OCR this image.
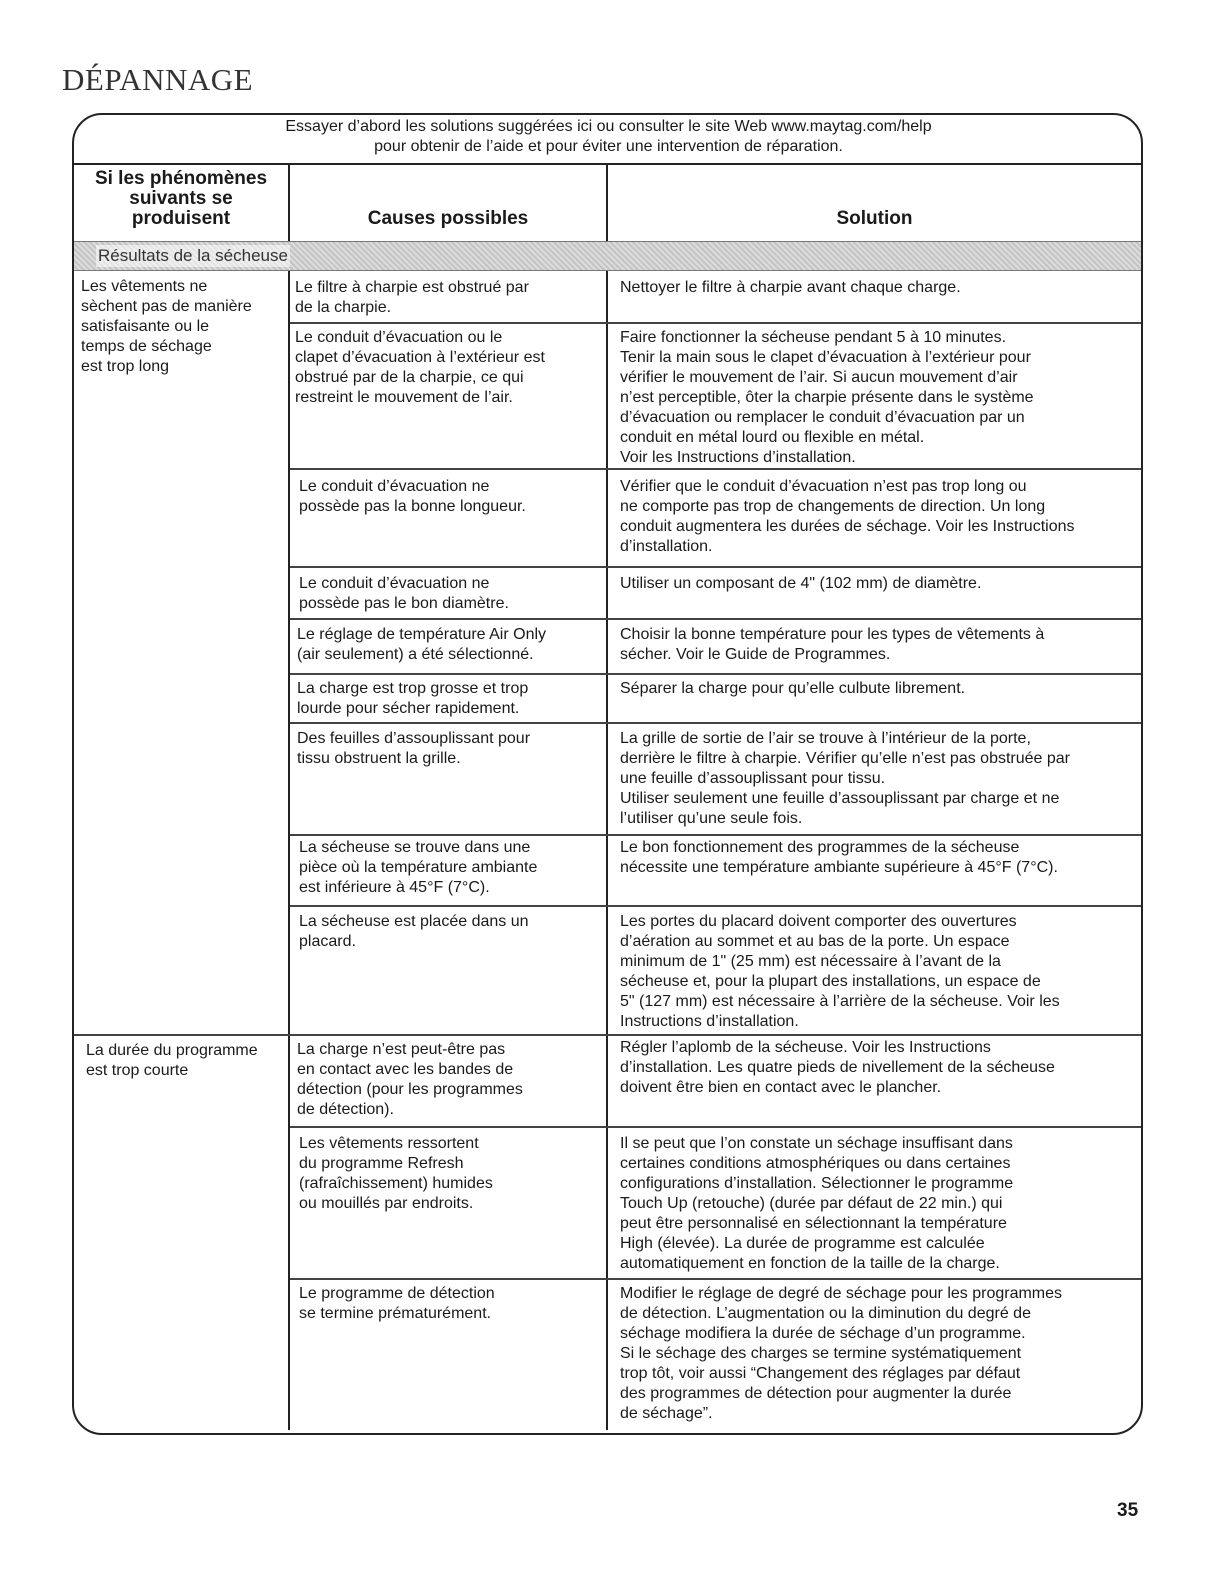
DÉPANNAGE
Essayer d’abord les solutions suggérées ici ou consulter le site Web www.maytag.com/help
pour obtenir de l’aide et pour éviter une intervention de réparation.
Si les phénomènes
suivants se
produisent	Causes possibles	Solution
Résultats de la sécheuse
Les vêtements ne
sèchent pas de manière
satisfaisante ou le
temps de séchage
est trop long
La durée du programme
est trop courte
Le filtre à charpie est obstrué par
de la charpie.
Le conduit d’évacuation ou le
clapet d’évacuation à l’extérieur est
obstrué par de la charpie, ce qui
restreint le mouvement de l’air.
Le conduit d’évacuation ne
possède pas la bonne longueur.
Le conduit d’évacuation ne
possède pas le bon diamètre.
Le réglage de température Air Only
(air seulement) a été sélectionné.
La charge est trop grosse et trop
lourde pour sécher rapidement.
Des feuilles d’assouplissant pour
tissu obstruent la grille.
La sécheuse se trouve dans une
pièce où la température ambiante
est inférieure à 45°F (7°C).
La sécheuse est placée dans un
placard.
La charge n’est peut-être pas
en contact avec les bandes de
détection (pour les programmes
de détection).
Les vêtements ressortent
du programme Refresh
(rafraîchissement) humides
ou mouillés par endroits.
Le programme de détection
se termine prématurément.
Nettoyer le filtre à charpie avant chaque charge.
Faire fonctionner la sécheuse pendant 5 à 10 minutes.
Tenir la main sous le clapet d’évacuation à l’extérieur pour
vérifier le mouvement de l’air. Si aucun mouvement d’air
n’est perceptible, ôter la charpie présente dans le système
d’évacuation ou remplacer le conduit d’évacuation par un
conduit en métal lourd ou flexible en métal.
Voir les Instructions d’installation.
Vérifier que le conduit d’évacuation n’est pas trop long ou
ne comporte pas trop de changements de direction. Un long
conduit augmentera les durées de séchage. Voir les Instructions
d’installation.
Utiliser un composant de 4" (102 mm) de diamètre.
Choisir la bonne température pour les types de vêtements à
sécher. Voir le Guide de Programmes.
Séparer la charge pour qu’elle culbute librement.
La grille de sortie de l’air se trouve à l’intérieur de la porte,
derrière le filtre à charpie. Vérifier qu’elle n’est pas obstruée par
une feuille d’assouplissant pour tissu.
Utiliser seulement une feuille d’assouplissant par charge et ne
l’utiliser qu’une seule fois.
Le bon fonctionnement des programmes de la sécheuse
nécessite une température ambiante supérieure à 45°F (7°C).
Les portes du placard doivent comporter des ouvertures
d’aération au sommet et au bas de la porte. Un espace
minimum de 1" (25 mm) est nécessaire à l’avant de la
sécheuse et, pour la plupart des installations, un espace de
5" (127 mm) est nécessaire à l’arrière de la sécheuse. Voir les
Instructions d’installation.
Régler l’aplomb de la sécheuse. Voir les Instructions
d’installation. Les quatre pieds de nivellement de la sécheuse
doivent être bien en contact avec le plancher.
Il se peut que l’on constate un séchage insuffisant dans
certaines conditions atmosphériques ou dans certaines
configurations d’installation. Sélectionner le programme
Touch Up (retouche) (durée par défaut de 22 min.) qui
peut être personnalisé en sélectionnant la température
High (élevée). La durée de programme est calculée
automatiquement en fonction de la taille de la charge.
Modifier le réglage de degré de séchage pour les programmes
de détection. L’augmentation ou la diminution du degré de
séchage modifiera la durée de séchage d’un programme.
Si le séchage des charges se termine systématiquement
trop tôt, voir aussi “Changement des réglages par défaut
des programmes de détection pour augmenter la durée
de séchage”.
35
